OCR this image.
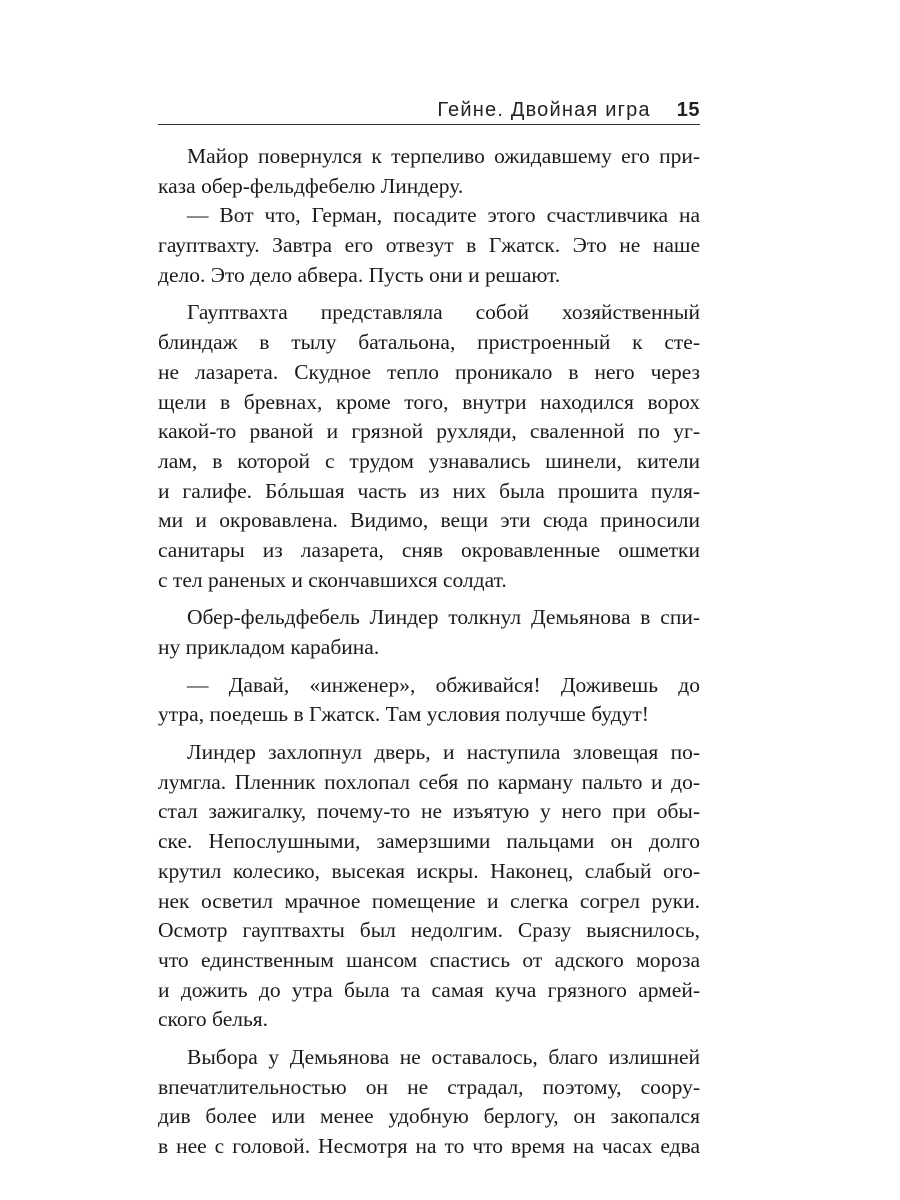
Гейне. Двойная игра 15
Майор повернулся к терпеливо ожидавшему его при-
каза обер-фельдфебелю Линдеру.
— Вот что, Герман, посадите этого счастливчика на
гауптвахту. Завтра его отвезут в Гжатск. Это не наше
дело. Это дело абвера. Пусть они и решают.
Гауптвахта представляла собой хозяйственный
блиндаж в тылу батальона, пристроенный к сте-
не лазарета. Скудное тепло проникало в него через
щели в бревнах, кроме того, внутри находился ворох
какой-то рваной и грязной рухляди, сваленной по уг-
лам, в которой с трудом узнавались шинели, кители
и галифе. Бóльшая часть из них была прошита пуля-
ми и окровавлена. Видимо, вещи эти сюда приносили
санитары из лазарета, сняв окровавленные ошметки
с тел раненых и скончавшихся солдат.
Обер-фельдфебель Линдер толкнул Демьянова в спи-
ну прикладом карабина.
— Давай, «инженер», обживайся! Доживешь до
утра, поедешь в Гжатск. Там условия получше будут!
Линдер захлопнул дверь, и наступила зловещая по-
лумгла. Пленник похлопал себя по карману пальто и до-
стал зажигалку, почему-то не изъятую у него при обы-
ске. Непослушными, замерзшими пальцами он долго
крутил колесико, высекая искры. Наконец, слабый ого-
нек осветил мрачное помещение и слегка согрел руки.
Осмотр гауптвахты был недолгим. Сразу выяснилось,
что единственным шансом спастись от адского мороза
и дожить до утра была та самая куча грязного армей-
ского белья.
Выбора у Демьянова не оставалось, благо излишней
впечатлительностью он не страдал, поэтому, соору-
див более или менее удобную берлогу, он закопался
в нее с головой. Несмотря на то что время на часах едва
